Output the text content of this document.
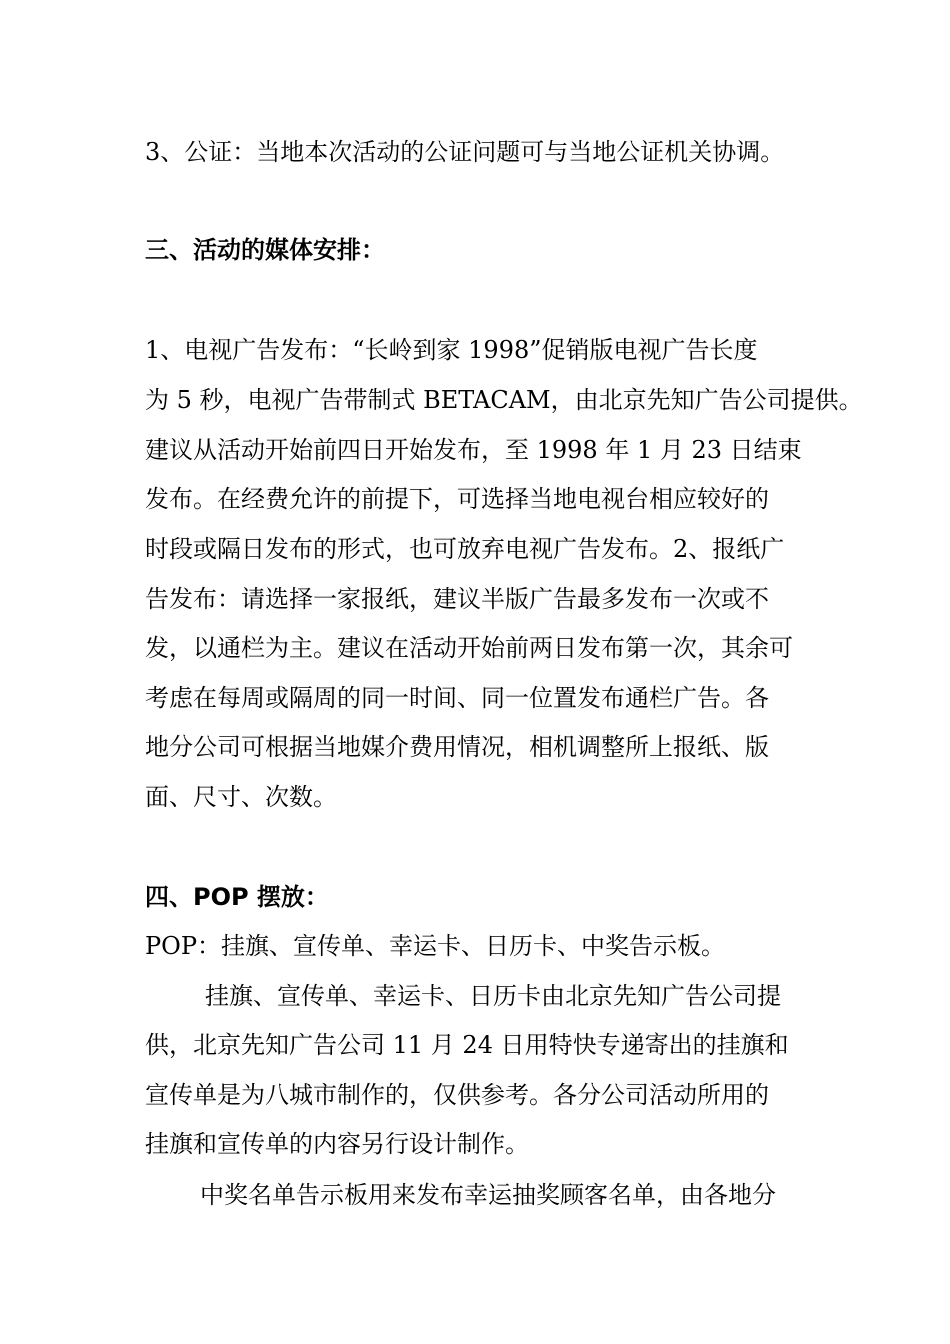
3、公证：当地本次活动的公证问题可与当地公证机关协调。
三、活动的媒体安排：
1、电视广告发布：“长岭到家 1998”促销版电视广告长度
为 5 秒，电视广告带制式 BETACAM，由北京先知广告公司提供。
建议从活动开始前四日开始发布，至 1998 年 1 月 23 日结束
发布。在经费允许的前提下，可选择当地电视台相应较好的
时段或隔日发布的形式，也可放弃电视广告发布。2、报纸广
告发布：请选择一家报纸，建议半版广告最多发布一次或不
发，以通栏为主。建议在活动开始前两日发布第一次，其余可
考虑在每周或隔周的同一时间、同一位置发布通栏广告。各
地分公司可根据当地媒介费用情况，相机调整所上报纸、版
面、尺寸、次数。
四、POP 摆放：
POP：挂旗、宣传单、幸运卡、日历卡、中奖告示板。
挂旗、宣传单、幸运卡、日历卡由北京先知广告公司提
供，北京先知广告公司 11 月 24 日用特快专递寄出的挂旗和
宣传单是为八城市制作的，仅供参考。各分公司活动所用的
挂旗和宣传单的内容另行设计制作。
中奖名单告示板用来发布幸运抽奖顾客名单，由各地分
